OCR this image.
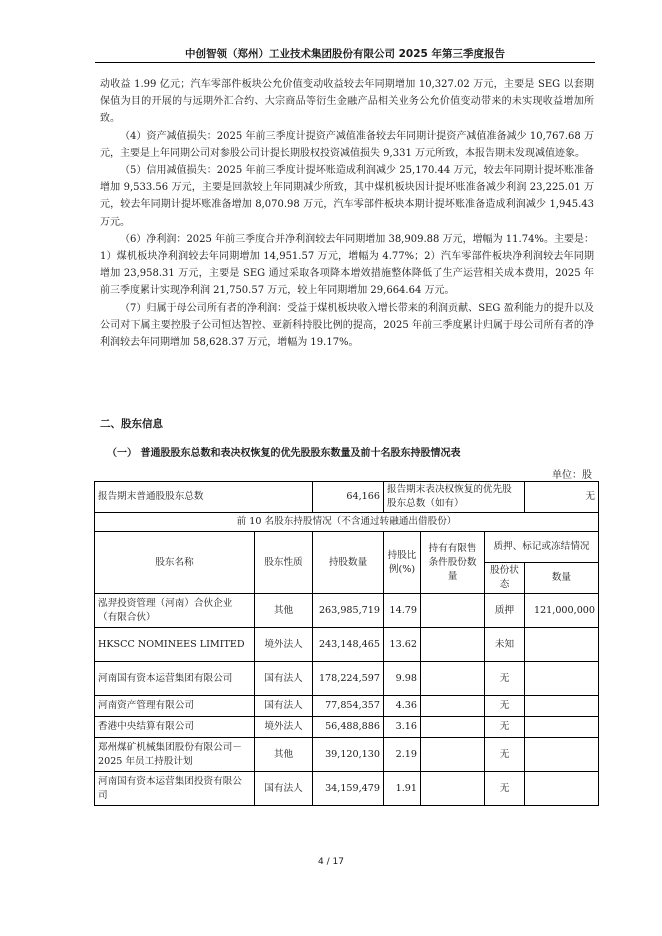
中创智领（郑州）工业技术集团股份有限公司 2025 年第三季度报告

动收益 1.99 亿元；汽车零部件板块公允价值变动收益较去年同期增加 10,327.02 万元，主要是 SEG 以套期保值为目的开展的与远期外汇合约、大宗商品等衍生金融产品相关业务公允价值变动带来的未实现收益增加所致。

（4）资产减值损失：2025 年前三季度计提资产减值准备较去年同期计提资产减值准备减少 10,767.68 万元，主要是上年同期公司对参股公司计提长期股权投资减值损失 9,331 万元所致，本报告期未发现减值迹象。

（5）信用减值损失：2025 年前三季度计提坏账造成利润减少 25,170.44 万元，较去年同期计提坏账准备增加 9,533.56 万元，主要是回款较上年同期减少所致，其中煤机板块因计提坏账准备减少利润 23,225.01 万元，较去年同期计提坏账准备增加 8,070.98 万元，汽车零部件板块本期计提坏账准备造成利润减少 1,945.43 万元。

（6）净利润：2025 年前三季度合并净利润较去年同期增加 38,909.88 万元，增幅为 11.74%。主要是：1）煤机板块净利润较去年同期增加 14,951.57 万元，增幅为 4.77%；2）汽车零部件板块净利润较去年同期增加 23,958.31 万元，主要是 SEG 通过采取各项降本增效措施整体降低了生产运营相关成本费用，2025 年前三季度累计实现净利润 21,750.57 万元，较上年同期增加 29,664.64 万元。

（7）归属于母公司所有者的净利润：受益于煤机板块收入增长带来的利润贡献、SEG 盈利能力的提升以及公司对下属主要控股子公司恒达智控、亚新科持股比例的提高，2025 年前三季度累计归属于母公司所有者的净利润较去年同期增加 58,628.37 万元，增幅为 19.17%。

二、股东信息
（一） 普通股股东总数和表决权恢复的优先股股东数量及前十名股东持股情况表
单位：股
报告期末普通股股东总数		64,166	报告期末表决权恢复的优先股股东总数（如有）			无
前 10 名股东持股情况（不含通过转融通出借股份）						
股东名称	股东性质	持股数量	持股比例(%)	持有有限售条件股份数量	质押、标记或冻结情况	
					股份状态	数量
泓羿投资管理（河南）合伙企业（有限合伙）	其他	263,985,719	14.79		质押	121,000,000
HKSCC NOMINEES LIMITED	境外法人	243,148,465	13.62		未知	
河南国有资本运营集团有限公司	国有法人	178,224,597	9.98		无	
河南资产管理有限公司	国有法人	77,854,357	4.36		无	
香港中央结算有限公司	境外法人	56,488,886	3.16		无	
郑州煤矿机械集团股份有限公司－2025 年员工持股计划	其他	39,120,130	2.19		无	
河南国有资本运营集团投资有限公司	国有法人	34,159,479	1.91		无	
4 / 17
